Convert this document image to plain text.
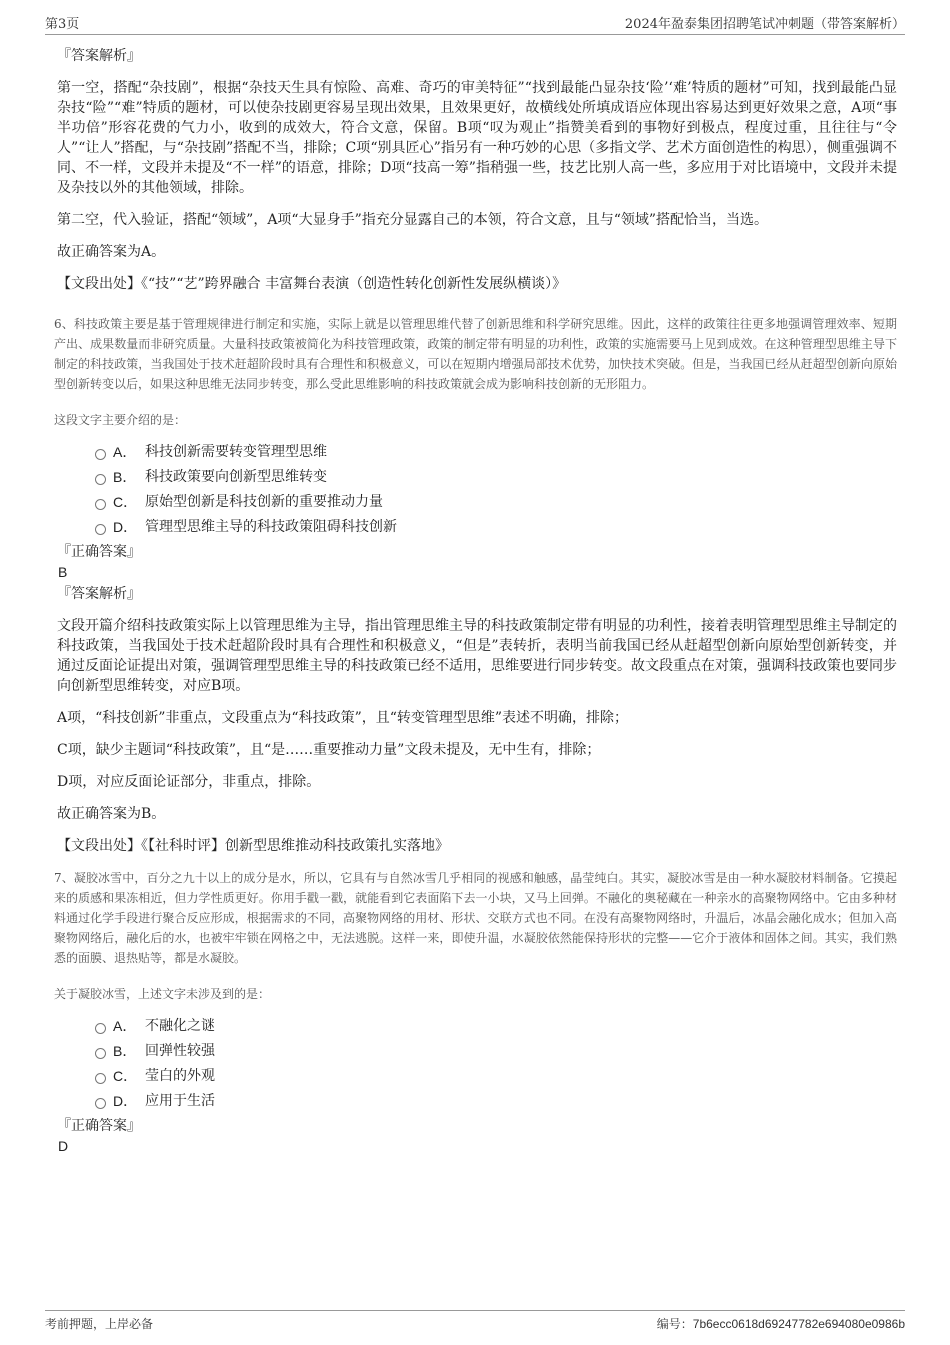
第3页	2024年盈泰集团招聘笔试冲刺题（带答案解析）

『答案解析』

第一空，搭配“杂技剧”，根据“杂技天生具有惊险、高难、奇巧的审美特征”“找到最能凸显杂技‘险’‘难’特质的题材”可知，找到最能凸显杂技“险”“难”特质的题材，可以使杂技剧更容易呈现出效果，且效果更好，故横线处所填成语应体现出容易达到更好效果之意，A项“事半功倍”形容花费的气力小，收到的成效大，符合文意，保留。B项“叹为观止”指赞美看到的事物好到极点，程度过重，且往往与“令人”“让人”搭配，与“杂技剧”搭配不当，排除；C项“别具匠心”指另有一种巧妙的心思（多指文学、艺术方面创造性的构思），侧重强调不同、不一样，文段并未提及“不一样”的语意，排除；D项“技高一筹”指稍强一些，技艺比别人高一些，多应用于对比语境中，文段并未提及杂技以外的其他领域，排除。

第二空，代入验证，搭配“领域”，A项“大显身手”指充分显露自己的本领，符合文意，且与“领域”搭配恰当，当选。

故正确答案为A。

【文段出处】《“技”“艺”跨界融合 丰富舞台表演（创造性转化创新性发展纵横谈）》

6、科技政策主要是基于管理规律进行制定和实施，实际上就是以管理思维代替了创新思维和科学研究思维。因此，这样的政策往往更多地强调管理效率、短期产出、成果数量而非研究质量。大量科技政策被简化为科技管理政策，政策的制定带有明显的功利性，政策的实施需要马上见到成效。在这种管理型思维主导下制定的科技政策，当我国处于技术赶超阶段时具有合理性和积极意义，可以在短期内增强局部技术优势，加快技术突破。但是，当我国已经从赶超型创新向原始型创新转变以后，如果这种思维无法同步转变，那么受此思维影响的科技政策就会成为影响科技创新的无形阻力。

这段文字主要介绍的是：

A． 科技创新需要转变管理型思维
B． 科技政策要向创新型思维转变
C． 原始型创新是科技创新的重要推动力量
D． 管理型思维主导的科技政策阻碍科技创新

『正确答案』

B

『答案解析』

文段开篇介绍科技政策实际上以管理思维为主导，指出管理思维主导的科技政策制定带有明显的功利性，接着表明管理型思维主导制定的科技政策，当我国处于技术赶超阶段时具有合理性和积极意义，“但是”表转折，表明当前我国已经从赶超型创新向原始型创新转变，并通过反面论证提出对策，强调管理型思维主导的科技政策已经不适用，思维要进行同步转变。故文段重点在对策，强调科技政策也要同步向创新型思维转变，对应B项。

A项，“科技创新”非重点，文段重点为“科技政策”，且“转变管理型思维”表述不明确，排除；

C项，缺少主题词“科技政策”，且“是……重要推动力量”文段未提及，无中生有，排除；

D项，对应反面论证部分，非重点，排除。

故正确答案为B。

【文段出处】《【社科时评】创新型思维推动科技政策扎实落地》

7、凝胶冰雪中，百分之九十以上的成分是水，所以，它具有与自然冰雪几乎相同的视感和触感，晶莹纯白。其实，凝胶冰雪是由一种水凝胶材料制备。它摸起来的质感和果冻相近，但力学性质更好。你用手戳一戳，就能看到它表面陷下去一小块，又马上回弹。不融化的奥秘藏在一种亲水的高聚物网络中。它由多种材料通过化学手段进行聚合反应形成，根据需求的不同，高聚物网络的用材、形状、交联方式也不同。在没有高聚物网络时，升温后，冰晶会融化成水；但加入高聚物网络后，融化后的水，也被牢牢锁在网格之中，无法逃脱。这样一来，即使升温，水凝胶依然能保持形状的完整——它介于液体和固体之间。其实，我们熟悉的面膜、退热贴等，都是水凝胶。

关于凝胶冰雪，上述文字未涉及到的是：

A． 不融化之谜
B． 回弹性较强
C． 莹白的外观
D． 应用于生活

『正确答案』

D

考前押题，上岸必备	编号：7b6ecc0618d69247782e694080e0986b
